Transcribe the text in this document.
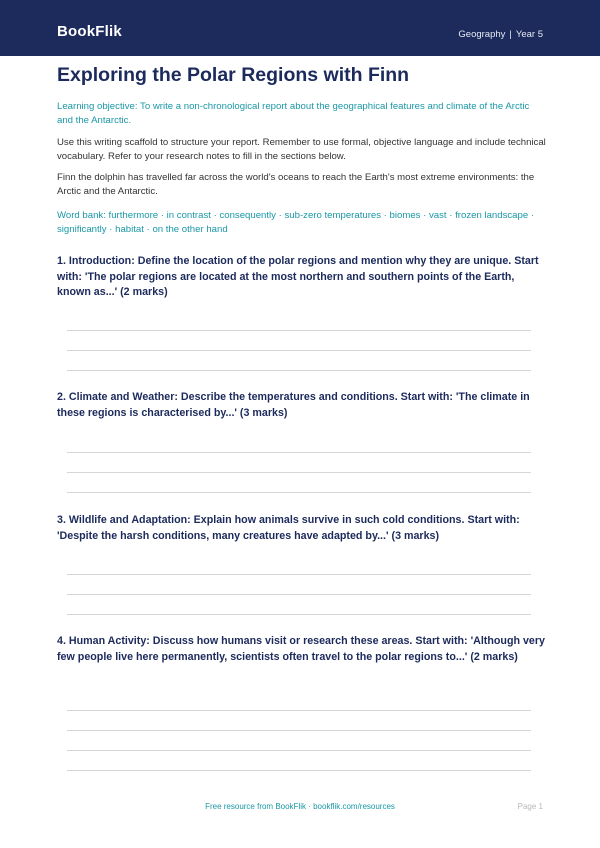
BookFlik	Geography | Year 5
Exploring the Polar Regions with Finn

Learning objective: To write a non-chronological report about the geographical features and climate of the Arctic and the Antarctic.

Use this writing scaffold to structure your report. Remember to use formal, objective language and include technical vocabulary. Refer to your research notes to fill in the sections below.

Finn the dolphin has travelled far across the world's oceans to reach the Earth's most extreme environments: the Arctic and the Antarctic.

Word bank: furthermore · in contrast · consequently · sub-zero temperatures · biomes · vast · frozen landscape · significantly · habitat · on the other hand

1. Introduction: Define the location of the polar regions and mention why they are unique. Start with: 'The polar regions are located at the most northern and southern points of the Earth, known as...' (2 marks)

2. Climate and Weather: Describe the temperatures and conditions. Start with: 'The climate in these regions is characterised by...' (3 marks)

3. Wildlife and Adaptation: Explain how animals survive in such cold conditions. Start with: 'Despite the harsh conditions, many creatures have adapted by...' (3 marks)

4. Human Activity: Discuss how humans visit or research these areas. Start with: 'Although very few people live here permanently, scientists often travel to the polar regions to...' (2 marks)

Free resource from BookFlik · bookflik.com/resources	Page 1
